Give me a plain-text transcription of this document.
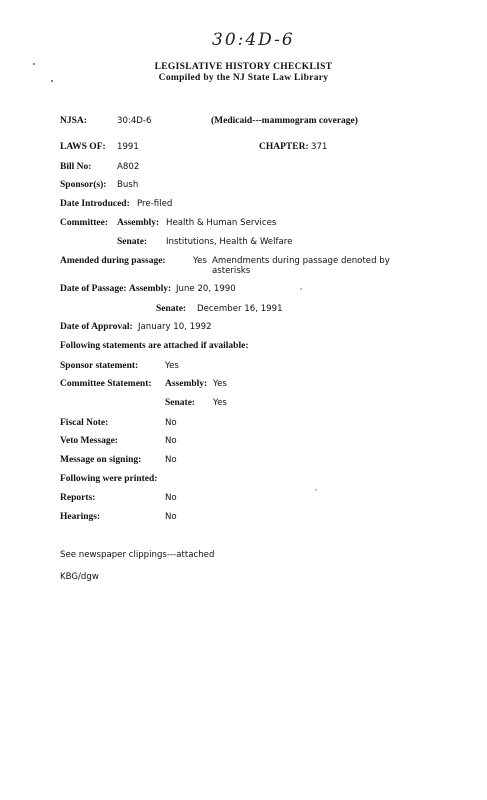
30:4D-6
LEGISLATIVE HISTORY CHECKLIST
Compiled by the NJ State Law Library
NJSA:	30:4D-6	(Medicaid---mammogram coverage)
LAWS OF: 1991	CHAPTER: 371
Bill No:	A802
Sponsor(s): Bush
Date Introduced: Pre-filed
Committee: Assembly: Health & Human Services
Senate: Institutions, Health & Welfare
Amended during passage:	Yes Amendments during passage denoted by
asterisks
Date of Passage: Assembly: June 20, 1990
Senate: December 16, 1991
Date of Approval: January 10, 1992
Following statements are attached if available:
Sponsor statement:	Yes
Committee Statement: Assembly: Yes
Senate: Yes
Fiscal Note:	No
Veto Message:	No
Message on signing:	No
Following were printed:
Reports:	No
Hearings:	No
See newspaper clippings---attached
KBG/dgw
